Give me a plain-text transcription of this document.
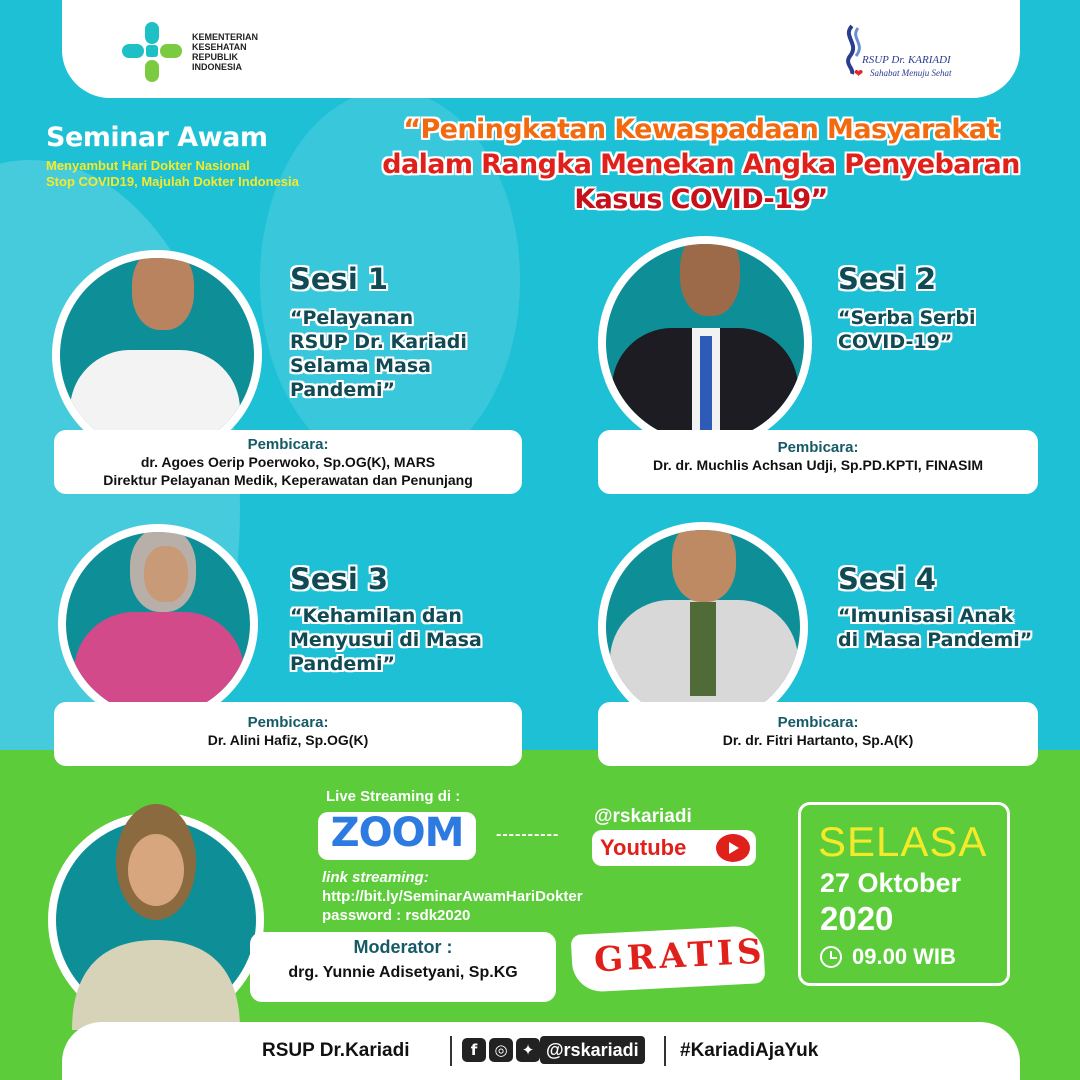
KEMENTERIAN
KESEHATAN
REPUBLIK
INDONESIA
RSUP Dr. KARIADI
❤ Sahabat Menuju Sehat
Seminar Awam
Menyambut Hari Dokter Nasional
Stop COVID19, Majulah Dokter Indonesia
“Peningkatan Kewaspadaan Masyarakat
dalam Rangka Menekan Angka Penyebaran
Kasus COVID-19”
Sesi 1
“Pelayanan
RSUP Dr. Kariadi
Selama Masa
Pandemi”
Pembicara:
dr. Agoes Oerip Poerwoko, Sp.OG(K), MARS
Direktur Pelayanan Medik, Keperawatan dan Penunjang
Sesi 2
“Serba Serbi
COVID-19”
Pembicara:
Dr. dr. Muchlis Achsan Udji, Sp.PD.KPTI, FINASIM
Sesi 3
“Kehamilan dan
Menyusui di Masa
Pandemi”
Pembicara:
Dr. Alini Hafiz, Sp.OG(K)
Sesi 4
“Imunisasi Anak
di Masa Pandemi”
Pembicara:
Dr. dr. Fitri Hartanto, Sp.A(K)
Live Streaming di :
ZOOM ----------
@rskariadi
Youtube
link streaming:
http://bit.ly/SeminarAwamHariDokter
password : rsdk2020
SELASA
27 Oktober
2020
09.00 WIB
Moderator :
drg. Yunnie Adisetyani, Sp.KG	GRATIS
RSUP Dr.Kariadi	f	◎ ✦ @rskariadi	#KariadiAjaYuk
